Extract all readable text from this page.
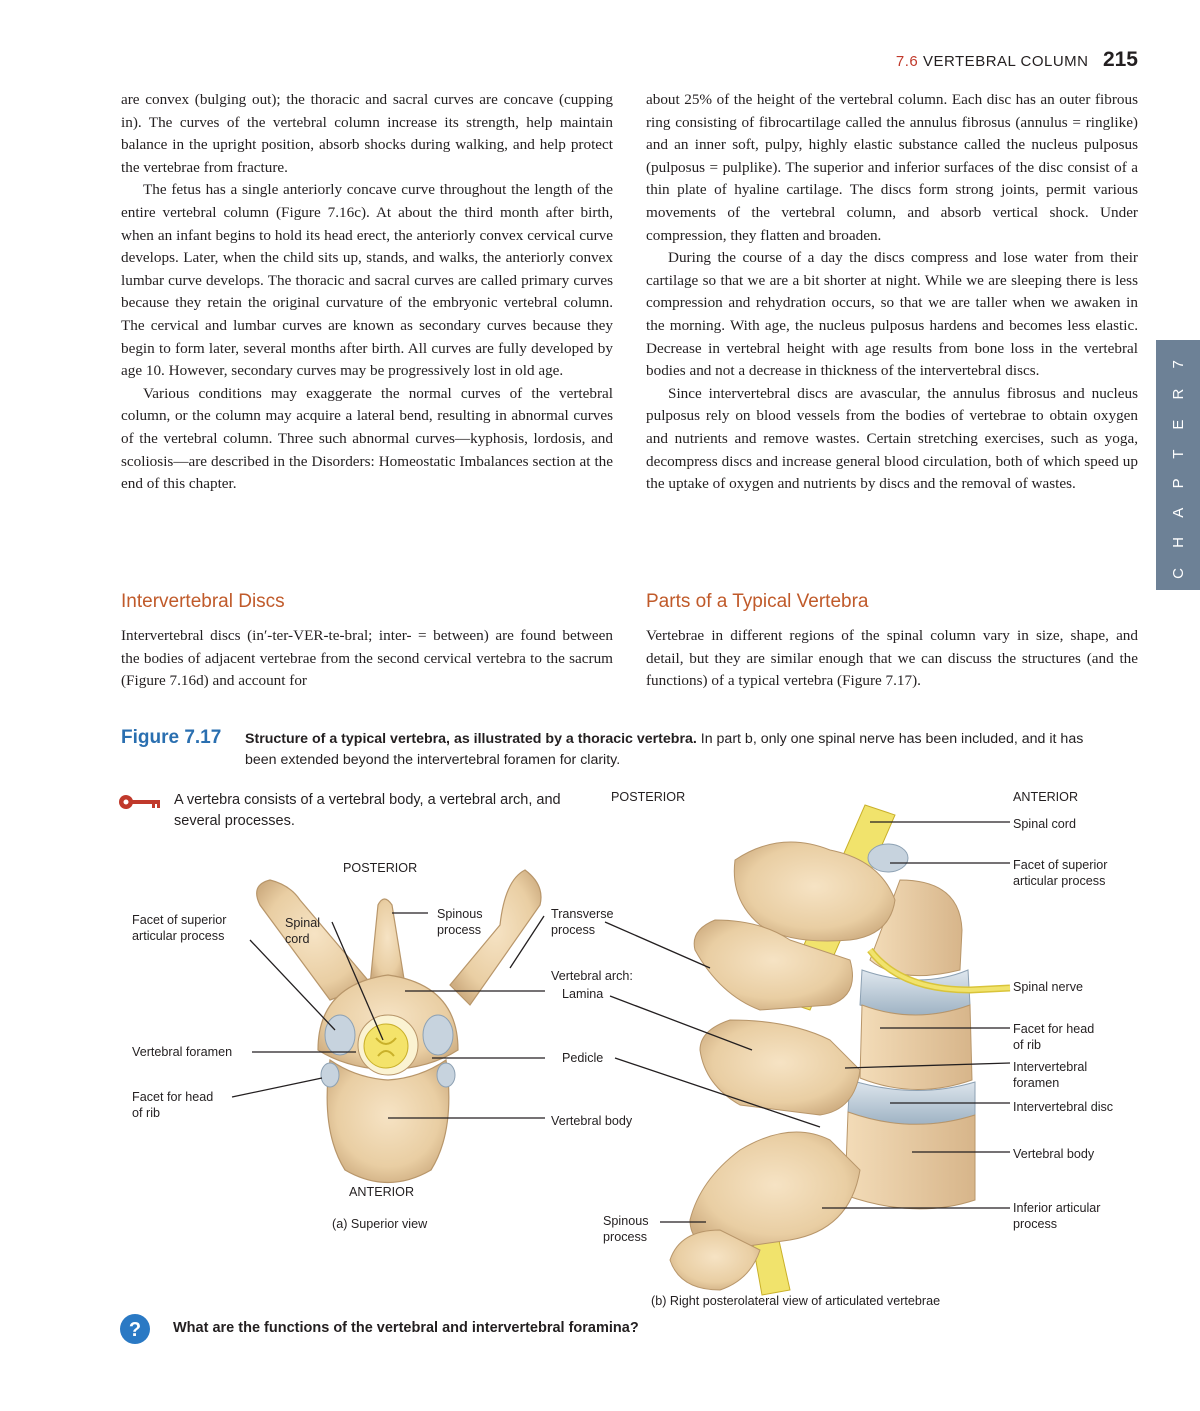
7.6 VERTEBRAL COLUMN 215
C H A P T E R 7

are convex (bulging out); the thoracic and sacral curves are concave (cupping in). The curves of the vertebral column increase its strength, help maintain balance in the upright position, absorb shocks during walking, and help protect the vertebrae from fracture.

The fetus has a single anteriorly concave curve throughout the length of the entire vertebral column (Figure 7.16c). At about the third month after birth, when an infant begins to hold its head erect, the anteriorly convex cervical curve develops. Later, when the child sits up, stands, and walks, the anteriorly convex lumbar curve develops. The thoracic and sacral curves are called primary curves because they retain the original curvature of the embryonic vertebral column. The cervical and lumbar curves are known as secondary curves because they begin to form later, several months after birth. All curves are fully developed by age 10. However, secondary curves may be progressively lost in old age.

Various conditions may exaggerate the normal curves of the vertebral column, or the column may acquire a lateral bend, resulting in abnormal curves of the vertebral column. Three such abnormal curves—kyphosis, lordosis, and scoliosis—are described in the Disorders: Homeostatic Imbalances section at the end of this chapter.

Intervertebral Discs

Intervertebral discs (in′-ter-VER-te-bral; inter- = between) are found between the bodies of adjacent vertebrae from the second cervical vertebra to the sacrum (Figure 7.16d) and account for

about 25% of the height of the vertebral column. Each disc has an outer fibrous ring consisting of fibrocartilage called the annulus fibrosus (annulus = ringlike) and an inner soft, pulpy, highly elastic substance called the nucleus pulposus (pulposus = pulplike). The superior and inferior surfaces of the disc consist of a thin plate of hyaline cartilage. The discs form strong joints, permit various movements of the vertebral column, and absorb vertical shock. Under compression, they flatten and broaden.

During the course of a day the discs compress and lose water from their cartilage so that we are a bit shorter at night. While we are sleeping there is less compression and rehydration occurs, so that we are taller when we awaken in the morning. With age, the nucleus pulposus hardens and becomes less elastic. Decrease in vertebral height with age results from bone loss in the vertebral bodies and not a decrease in thickness of the intervertebral discs.

Since intervertebral discs are avascular, the annulus fibrosus and nucleus pulposus rely on blood vessels from the bodies of vertebrae to obtain oxygen and nutrients and remove wastes. Certain stretching exercises, such as yoga, decompress discs and increase general blood circulation, both of which speed up the uptake of oxygen and nutrients by discs and the removal of wastes.

Parts of a Typical Vertebra

Vertebrae in different regions of the spinal column vary in size, shape, and detail, but they are similar enough that we can discuss the structures (and the functions) of a typical vertebra (Figure 7.17).

Figure 7.17 Structure of a typical vertebra, as illustrated by a thoracic vertebra. In part b, only one spinal nerve has been included, and it has been extended beyond the intervertebral foramen for clarity.
A vertebra consists of a vertebral body, a vertebral arch, and several processes.
?
POSTERIOR
Facet of superior
articular process
Spinal
cord
Spinous
process
Transverse
process
Vertebral arch:
Lamina
Vertebral foramen	Pedicle
Facet for head
of rib
Vertebral body
ANTERIOR
(a) Superior view
POSTERIOR	ANTERIOR
Spinal cord
Facet of superior
articular process
Spinal nerve
Facet for head
of rib
Intervertebral
foramen
Intervertebral disc
Vertebral body
Inferior articular
process
Spinous
process
(b) Right posterolateral view of articulated vertebrae
What are the functions of the vertebral and intervertebral foramina?
